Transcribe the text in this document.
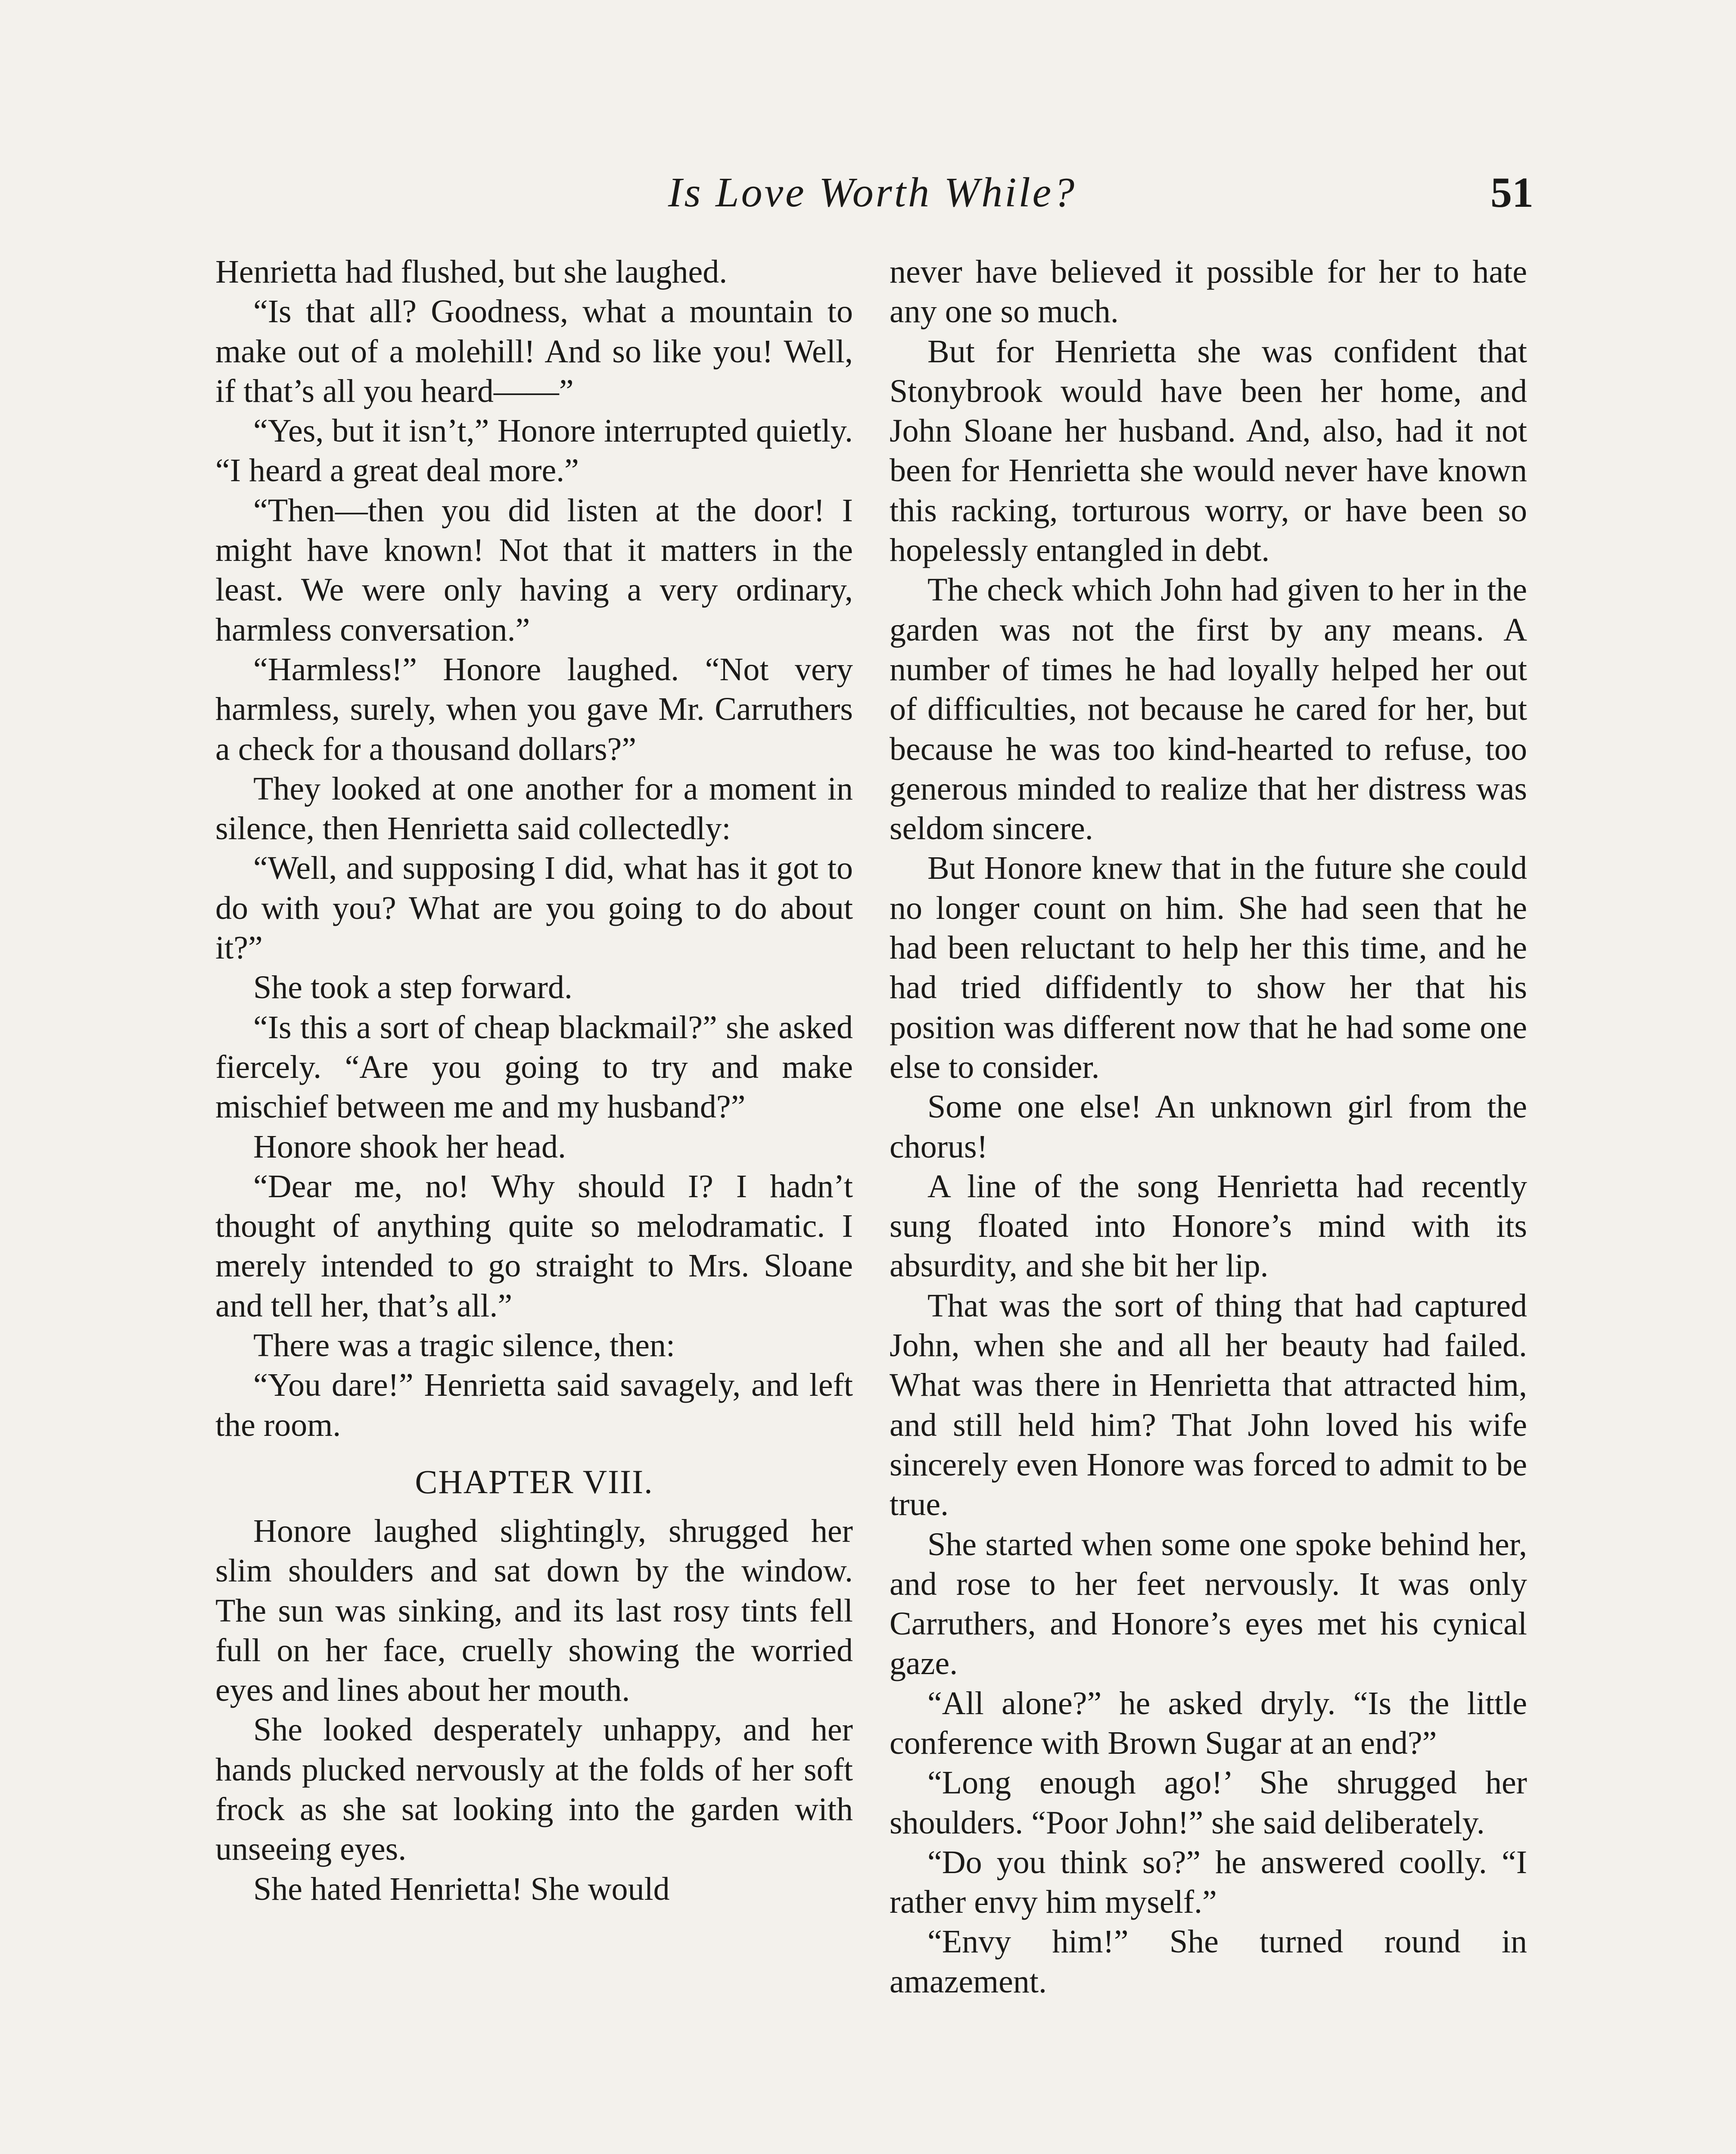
Is Love Worth While?	51

Henrietta had flushed, but she laughed.

“Is that all? Goodness, what a mountain to make out of a molehill! And so like you! Well, if that’s all you heard——”

“Yes, but it isn’t,” Honore interrupted quietly. “I heard a great deal more.”

“Then—then you did listen at the door! I might have known! Not that it matters in the least. We were only having a very ordinary, harmless conversation.”

“Harmless!” Honore laughed. “Not very harmless, surely, when you gave Mr. Carruthers a check for a thousand dollars?”

They looked at one another for a moment in silence, then Henrietta said collectedly:

“Well, and supposing I did, what has it got to do with you? What are you going to do about it?”

She took a step forward.

“Is this a sort of cheap blackmail?” she asked fiercely. “Are you going to try and make mischief between me and my husband?”

Honore shook her head.

“Dear me, no! Why should I? I hadn’t thought of anything quite so melodramatic. I merely intended to go straight to Mrs. Sloane and tell her, that’s all.”

There was a tragic silence, then:

“You dare!” Henrietta said savagely, and left the room.

CHAPTER VIII.

Honore laughed slightingly, shrugged her slim shoulders and sat down by the window. The sun was sinking, and its last rosy tints fell full on her face, cruelly showing the worried eyes and lines about her mouth.

She looked desperately unhappy, and her hands plucked nervously at the folds of her soft frock as she sat looking into the garden with unseeing eyes.

She hated Henrietta! She would

never have believed it possible for her to hate any one so much.

But for Henrietta she was confident that Stonybrook would have been her home, and John Sloane her husband. And, also, had it not been for Henrietta she would never have known this racking, torturous worry, or have been so hopelessly entangled in debt.

The check which John had given to her in the garden was not the first by any means. A number of times he had loyally helped her out of difficulties, not because he cared for her, but because he was too kind-hearted to refuse, too generous minded to realize that her distress was seldom sincere.

But Honore knew that in the future she could no longer count on him. She had seen that he had been reluctant to help her this time, and he had tried diffidently to show her that his position was different now that he had some one else to consider.

Some one else! An unknown girl from the chorus!

A line of the song Henrietta had recently sung floated into Honore’s mind with its absurdity, and she bit her lip.

That was the sort of thing that had captured John, when she and all her beauty had failed. What was there in Henrietta that attracted him, and still held him? That John loved his wife sincerely even Honore was forced to admit to be true.

She started when some one spoke behind her, and rose to her feet nervously. It was only Carruthers, and Honore’s eyes met his cynical gaze.

“All alone?” he asked dryly. “Is the little conference with Brown Sugar at an end?”

“Long enough ago!’ She shrugged her shoulders. “Poor John!” she said deliberately.

“Do you think so?” he answered coolly. “I rather envy him myself.”

“Envy him!” She turned round in amazement.
